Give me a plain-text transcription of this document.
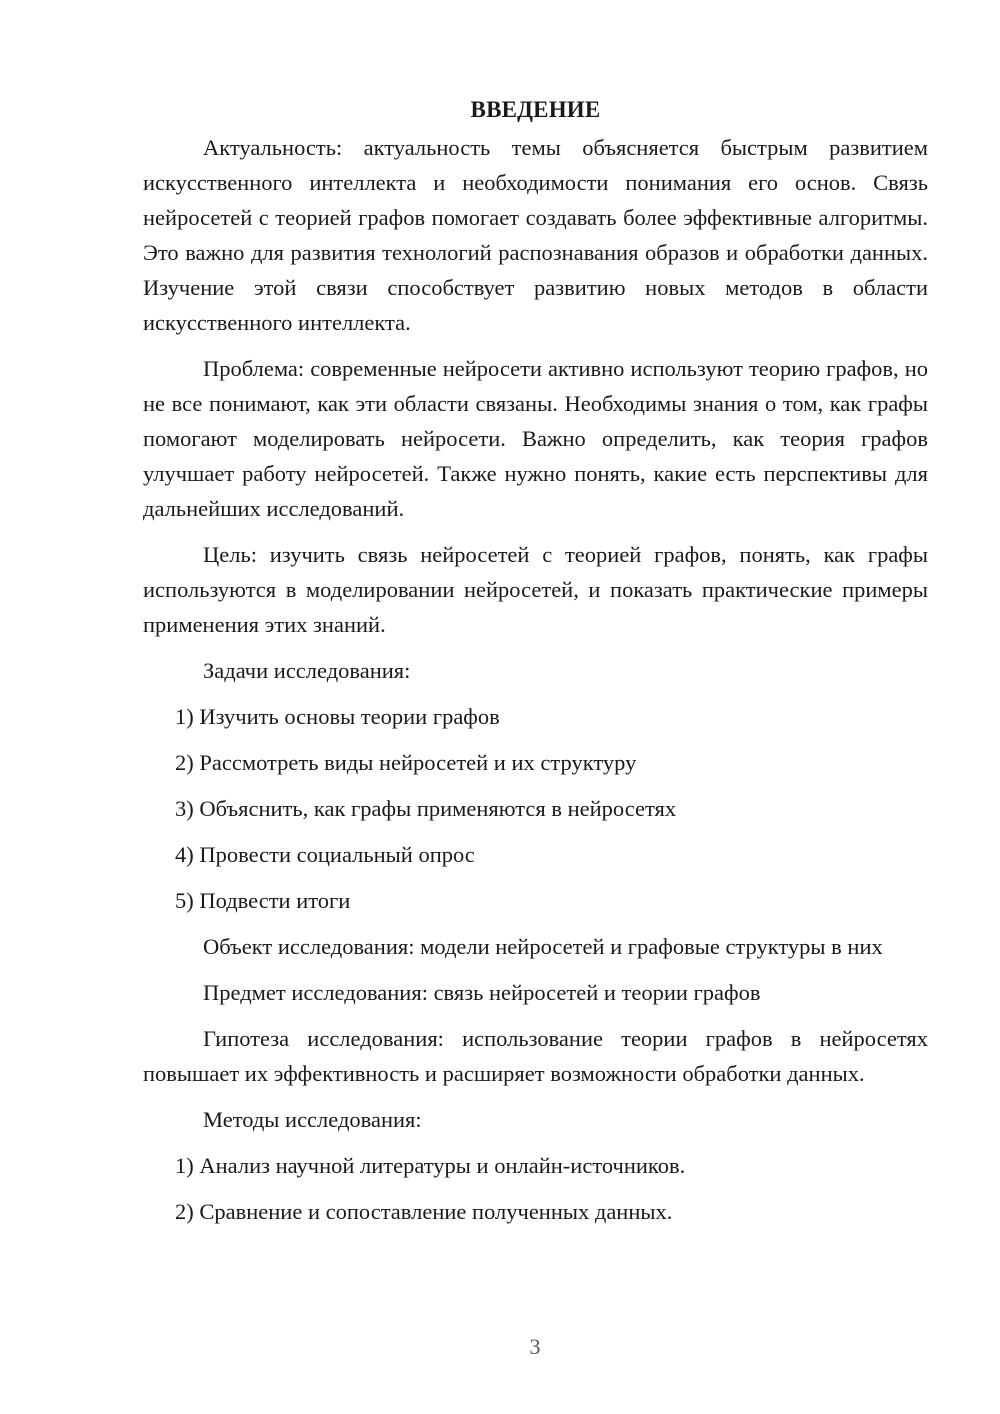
ВВЕДЕНИЕ

Актуальность: актуальность темы объясняется быстрым развитием искусственного интеллекта и необходимости понимания его основ. Связь нейросетей с теорией графов помогает создавать более эффективные алгоритмы. Это важно для развития технологий распознавания образов и обработки данных. Изучение этой связи способствует развитию новых методов в области искусственного интеллекта.

Проблема: современные нейросети активно используют теорию графов, но не все понимают, как эти области связаны. Необходимы знания о том, как графы помогают моделировать нейросети. Важно определить, как теория графов улучшает работу нейросетей. Также нужно понять, какие есть перспективы для дальнейших исследований.

Цель: изучить связь нейросетей с теорией графов, понять, как графы используются в моделировании нейросетей, и показать практические примеры применения этих знаний.

Задачи исследования:

1) Изучить основы теории графов

2) Рассмотреть виды нейросетей и их структуру

3) Объяснить, как графы применяются в нейросетях

4) Провести социальный опрос

5) Подвести итоги

Объект исследования: модели нейросетей и графовые структуры в них

Предмет исследования: связь нейросетей и теории графов

Гипотеза исследования: использование теории графов в нейросетях повышает их эффективность и расширяет возможности обработки данных.

Методы исследования:

1) Анализ научной литературы и онлайн-источников.

2) Сравнение и сопоставление полученных данных.

3
